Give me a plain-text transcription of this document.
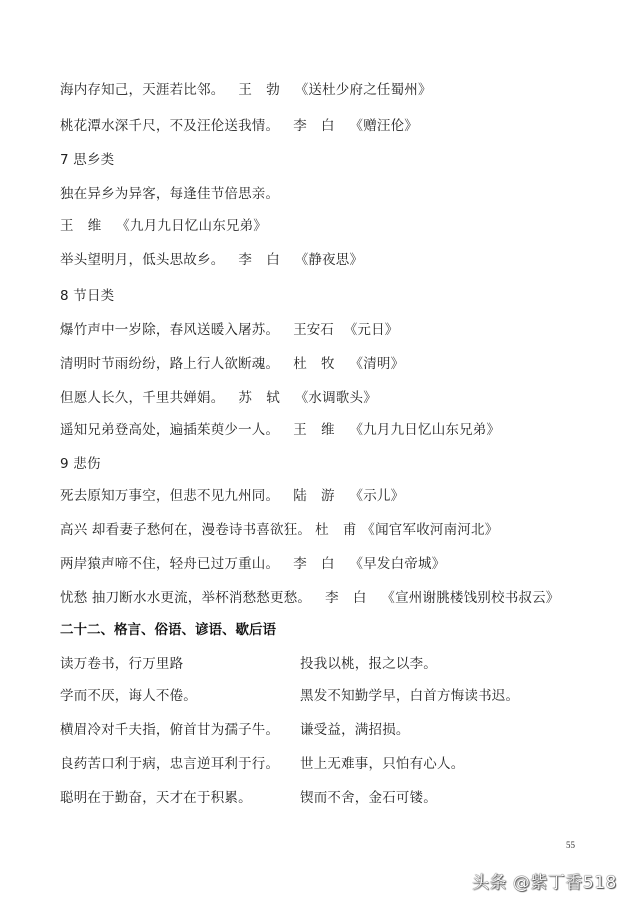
海内存知己，天涯若比邻。 王 勃 《送杜少府之任蜀州》
桃花潭水深千尺，不及汪伦送我情。 李 白 《赠汪伦》
7 思乡类
独在异乡为异客，每逢佳节倍思亲。
王 维 《九月九日忆山东兄弟》
举头望明月，低头思故乡。 李 白 《静夜思》
8 节日类
爆竹声中一岁除，春风送暖入屠苏。 王安石 《元日》
清明时节雨纷纷，路上行人欲断魂。 杜 牧 《清明》
但愿人长久，千里共婵娟。 苏 轼 《水调歌头》
遥知兄弟登高处，遍插茱萸少一人。 王 维 《九月九日忆山东兄弟》
9 悲伤
死去原知万事空，但悲不见九州同。 陆 游 《示儿》
高兴 却看妻子愁何在，漫卷诗书喜欲狂。 杜 甫《闻官军收河南河北》
两岸猿声啼不住，轻舟已过万重山。 李 白 《早发白帝城》
忧愁 抽刀断水水更流，举杯消愁愁更愁。 李 白 《宣州谢朓楼饯别校书叔云》
二十二、格言、俗语、谚语、歇后语
读万卷书，行万里路	投我以桃，报之以李。
学而不厌，诲人不倦。	黑发不知勤学早，白首方悔读书迟。
横眉冷对千夫指，俯首甘为孺子牛。 谦受益，满招损。
良药苦口利于病，忠言逆耳利于行。 世上无难事，只怕有心人。
聪明在于勤奋，天才在于积累。	锲而不舍，金石可镂。
55
头条 @紫丁香518
